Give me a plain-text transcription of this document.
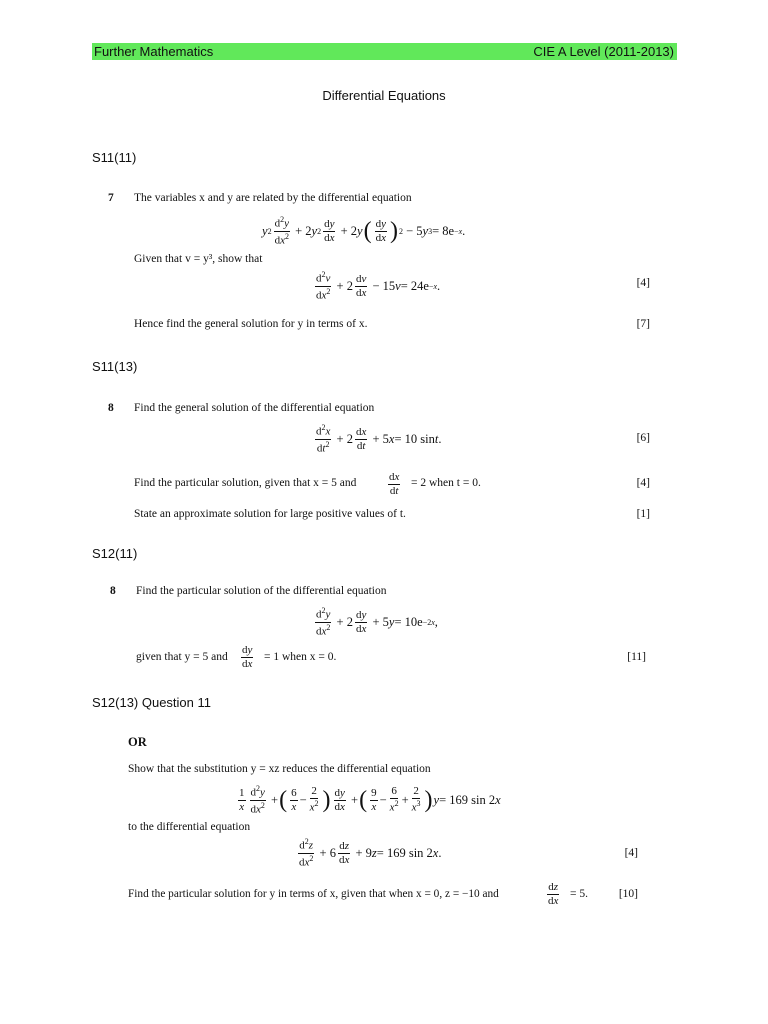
Further Mathematics	CIE A Level (2011-2013)
Differential Equations
S11(11)
7 The variables x and y are related by the differential equation
y $2 \frac{d^2y}{dx^2} + 2$ y $2 \frac{dy}{dx} + 2$ y ( $\frac{dy}{dx}$ ) 2 − 5 y 3 = 8e −x .
Given that v = y³, show that
$\frac{d^2v}{dx^2} + 2 \frac{dv}{dx} - 15$ v = 24e −x .	[4]
Hence find the general solution for y in terms of x.	[7]
S11(13)
8 Find the general solution of the differential equation
$\frac{d^2x}{dt^2} + 2 \frac{dx}{dt} + 5$ x = 10 sin t .	[6]
Find the particular solution, given that x = 5 and	$\frac{dx}{dt} = 2$ when t = 0.	[4]
State an approximate solution for large positive values of t.	[1]
S12(11)
8 Find the particular solution of the differential equation
$\frac{d^2y}{dx^2} + 2 \frac{dy}{dx} + 5$ y = 10e −2x ,
given that y = 5 and $\frac{dy}{dx} = 1$ when x = 0.	[11]
S12(13) Question 11
OR
Show that the substitution y = xz reduces the differential equation
$\frac{1}{x} \frac{d^2y}{dx^2}$ + ( $\frac{6}{x} - \frac{2}{x^2}$ ) $\frac{dy}{dx}$ + ( $\frac{9}{x} - \frac{6}{x^2} + \frac{2}{x^3}$ ) y = 169 sin 2 x
to the differential equation
$\frac{d^2z}{dx^2} + 6 \frac{dz}{dx} + 9$ z = 169 sin 2 x .	[4]
Find the particular solution for y in terms of x, given that when x = 0, z = −10 and	$\frac{dz}{dx} = 5$.	[10]
